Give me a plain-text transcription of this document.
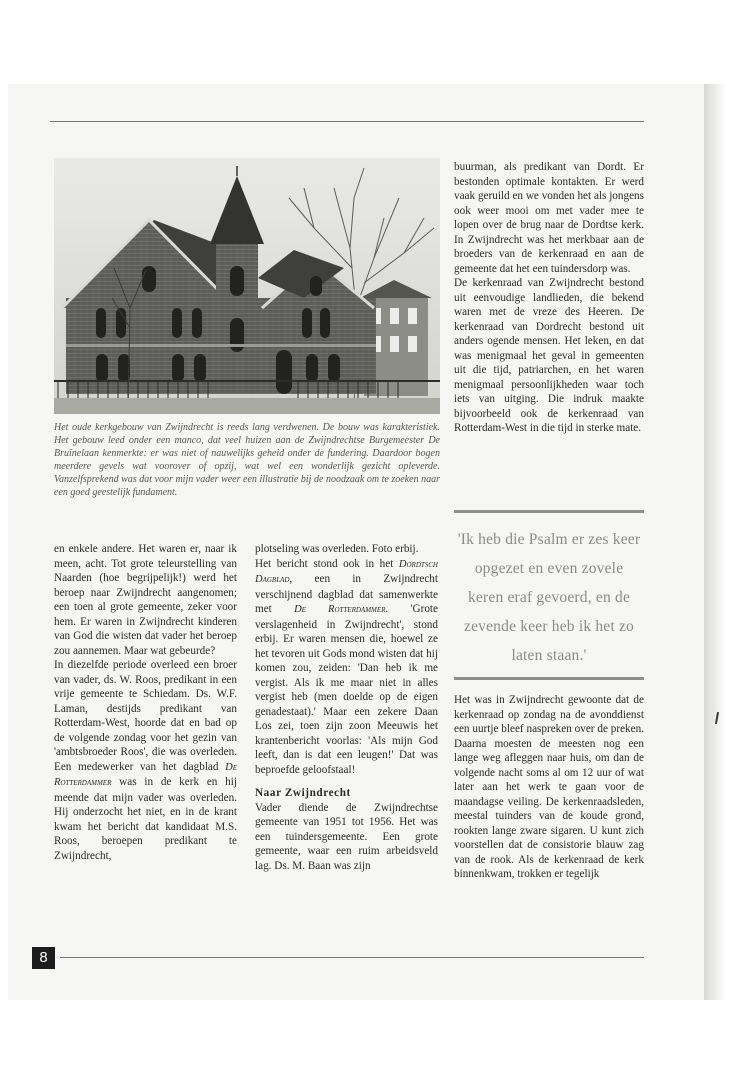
Het oude kerkgebouw van Zwijndrecht is reeds lang verdwenen. De bouw was karakteristiek. Het gebouw leed onder een manco, dat veel huizen aan de Zwijndrechtse Burgemeester De Bruïnelaan kenmerkte: er was niet of nauwelijks geheid onder de fundering. Daardoor bogen meerdere gevels wat voorover of opzij, wat wel een wonderlijk gezicht opleverde. Vanzelfsprekend was dat voor mijn vader weer een illustratie bij de noodzaak om te zoeken naar een goed geestelijk fundament.

en enkele andere. Het waren er, naar ik meen, acht. Tot grote teleurstelling van Naarden (hoe begrijpelijk!) werd het beroep naar Zwijndrecht aangenomen; een toen al grote gemeente, zeker voor hem. Er waren in Zwijndrecht kinderen van God die wisten dat vader het beroep zou aannemen. Maar wat gebeurde?

In diezelfde periode overleed een broer van vader, ds. W. Roos, predikant in een vrije gemeente te Schiedam. Ds. W.F. Laman, destijds predikant van Rotterdam-West, hoorde dat en bad op de volgende zondag voor het gezin van 'ambtsbroeder Roos', die was overleden. Een medewerker van het dagblad De Rotterdammer was in de kerk en hij meende dat mijn vader was overleden. Hij onderzocht het niet, en in de krant kwam het bericht dat kandidaat M.S. Roos, beroepen predikant te Zwijndrecht,

plotseling was overleden. Foto erbij.

Het bericht stond ook in het Dordtsch Dagblad, een in Zwijndrecht verschijnend dagblad dat samenwerkte met De Rotterdammer. 'Grote verslagenheid in Zwijndrecht', stond erbij. Er waren mensen die, hoewel ze het tevoren uit Gods mond wisten dat hij komen zou, zeiden: 'Dan heb ik me vergist. Als ik me maar niet in alles vergist heb (men doelde op de eigen genadestaat).' Maar een zekere Daan Los zei, toen zijn zoon Meeuwis het krantenbericht voorlas: 'Als mijn God leeft, dan is dat een leugen!' Dat was beproefde geloofstaal!

Naar Zwijndrecht

Vader diende de Zwijndrechtse gemeente van 1951 tot 1956. Het was een tuindersgemeente. Een grote gemeente, waar een ruim arbeidsveld lag. Ds. M. Baan was zijn

buurman, als predikant van Dordt. Er bestonden optimale kontakten. Er werd vaak geruild en we vonden het als jongens ook weer mooi om met vader mee te lopen over de brug naar de Dordtse kerk. In Zwijndrecht was het merkbaar aan de broeders van de kerkenraad en aan de gemeente dat het een tuindersdorp was.

De kerkenraad van Zwijndrecht bestond uit eenvoudige landlieden, die bekend waren met de vreze des Heeren. De kerkenraad van Dordrecht bestond uit anders ogende mensen. Het leken, en dat was menigmaal het geval in gemeenten uit die tijd, patriarchen, en het waren menigmaal persoonlijkheden waar toch iets van uitging. Die indruk maakte bijvoorbeeld ook de kerkenraad van Rotterdam-West in die tijd in sterke mate.

'Ik heb die Psalm er zes keer opgezet en even zovele keren eraf gevoerd, en de zevende keer heb ik het zo laten staan.'

Het was in Zwijndrecht gewoonte dat de kerkenraad op zondag na de avonddienst een uurtje bleef naspreken over de preken. Daarna moesten de meesten nog een lange weg afleggen naar huis, om dan de volgende nacht soms al om 12 uur of wat later aan het werk te gaan voor de maandagse veiling. De kerkenraadsleden, meestal tuinders van de koude grond, rookten lange zware sigaren. U kunt zich voorstellen dat de consistorie blauw zag van de rook. Als de kerkenraad de kerk binnenkwam, trokken er tegelijk

8
